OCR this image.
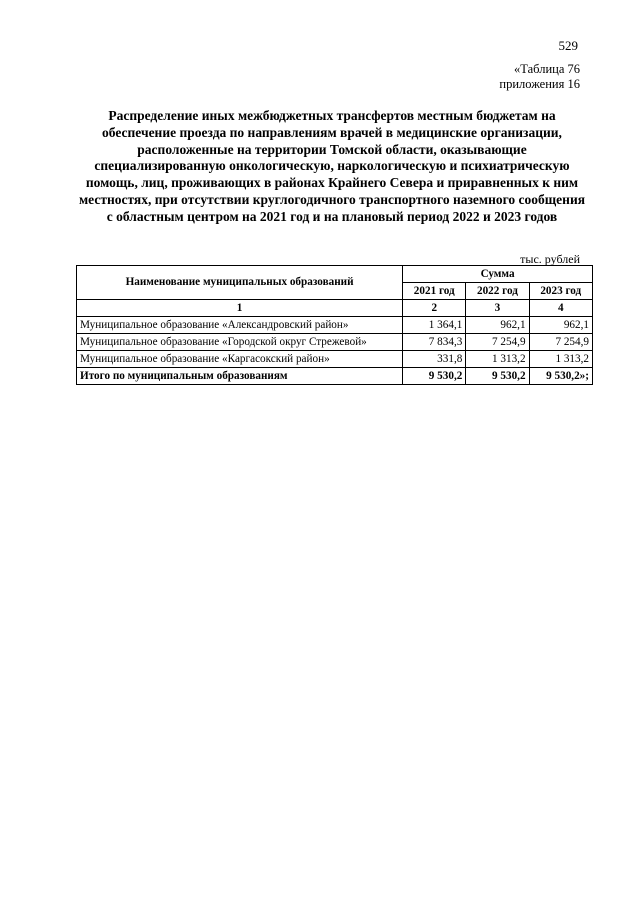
529
«Таблица 76
приложения 16
Распределение иных межбюджетных трансфертов местным бюджетам на обеспечение проезда по направлениям врачей в медицинские организации, расположенные на территории Томской области, оказывающие специализированную онкологическую, наркологическую и психиатрическую помощь, лиц, проживающих в районах Крайнего Севера и приравненных к ним местностях, при отсутствии круглогодичного транспортного наземного сообщения с областным центром на 2021 год и на плановый период 2022 и 2023 годов
тыс. рублей
Наименование муниципальных образований	Сумма		
	2021 год	2022 год	2023 год
1	2	3	4
Муниципальное образование «Александровский район»	1 364,1	962,1	962,1
Муниципальное образование «Городской округ Стрежевой»	7 834,3	7 254,9	7 254,9
Муниципальное образование «Каргасокский район»	331,8	1 313,2	1 313,2
Итого по муниципальным образованиям	9 530,2	9 530,2	9 530,2»;
